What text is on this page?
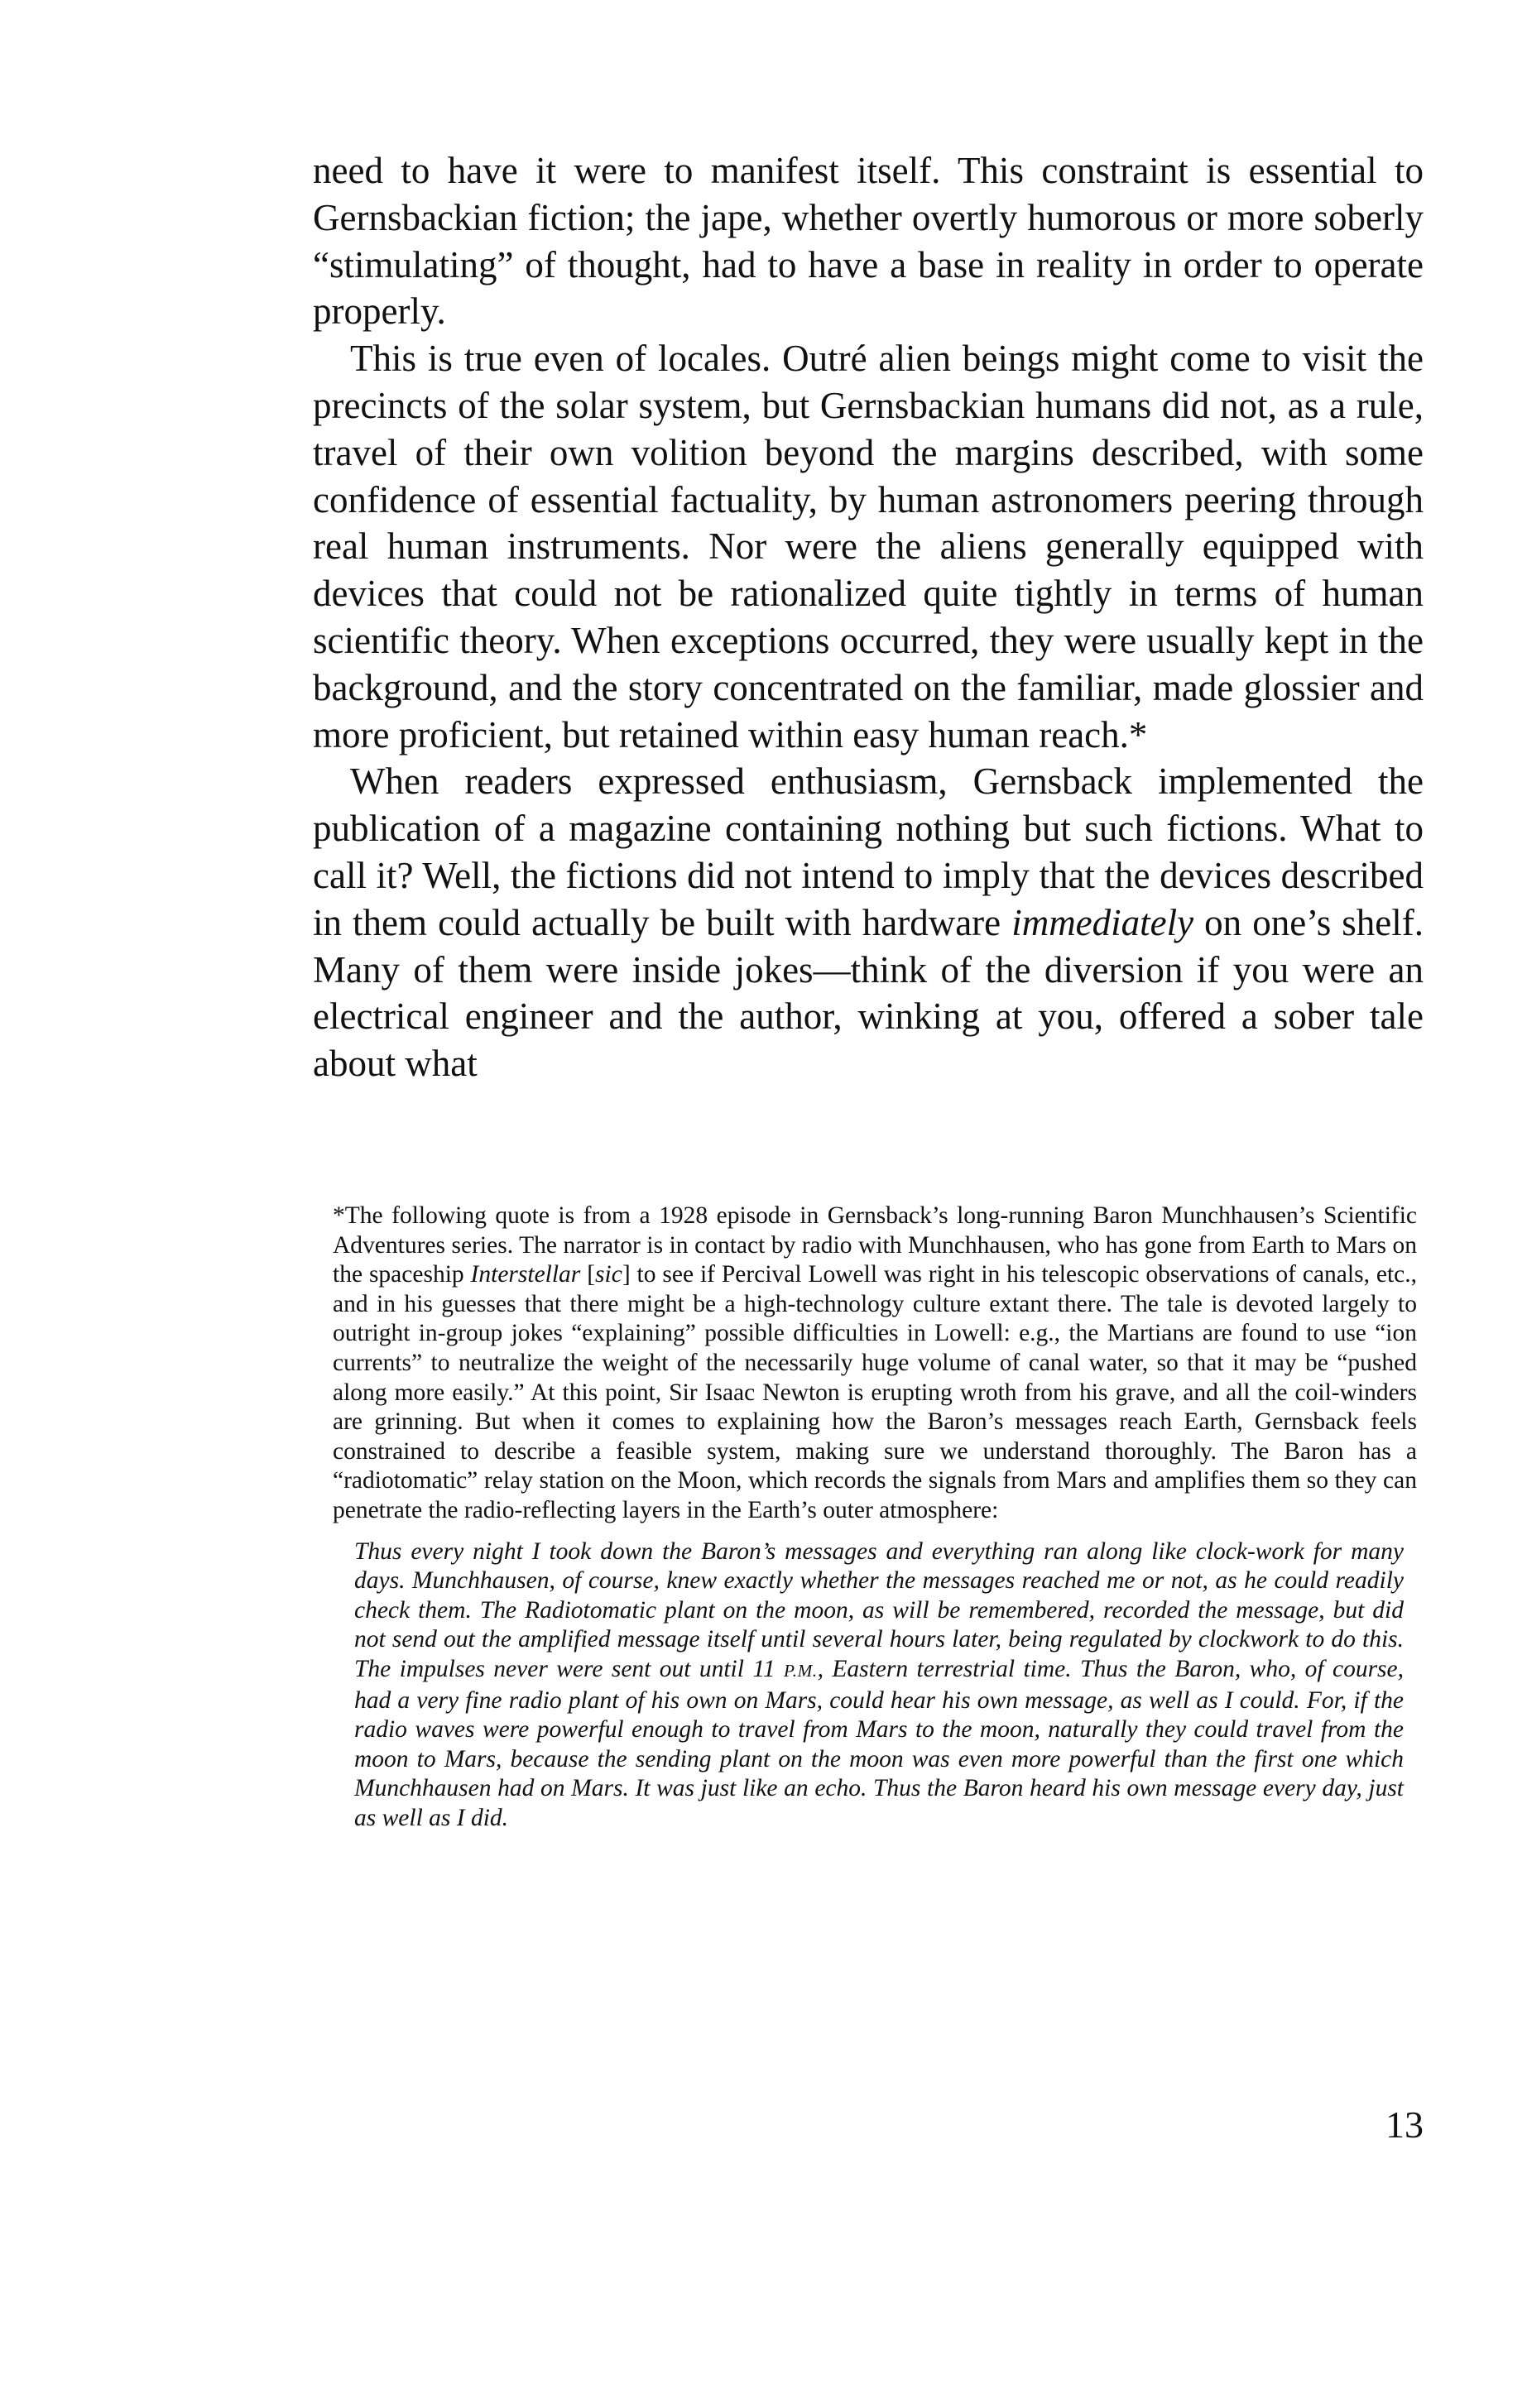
need to have it were to manifest itself. This constraint is essential to Gernsbackian fiction; the jape, whether overtly humorous or more soberly “stimulating” of thought, had to have a base in reality in order to operate properly.

This is true even of locales. Outré alien beings might come to visit the precincts of the solar system, but Gernsbackian humans did not, as a rule, travel of their own volition beyond the margins described, with some confidence of essential factuality, by human astronomers peering through real human instruments. Nor were the aliens generally equipped with devices that could not be rationalized quite tightly in terms of human scientific theory. When exceptions occurred, they were usually kept in the background, and the story concentrated on the familiar, made glossier and more proficient, but retained within easy human reach.*

When readers expressed enthusiasm, Gernsback implemented the publication of a magazine containing nothing but such fictions. What to call it? Well, the fictions did not intend to imply that the devices described in them could actually be built with hardware immediately on one’s shelf. Many of them were inside jokes—think of the diversion if you were an electrical engineer and the author, winking at you, offered a sober tale about what

*The following quote is from a 1928 episode in Gernsback’s long-running Baron Munchhausen’s Scientific Adventures series. The narrator is in contact by radio with Munchhausen, who has gone from Earth to Mars on the spaceship Interstellar [sic] to see if Percival Lowell was right in his telescopic observations of canals, etc., and in his guesses that there might be a high-technology culture extant there. The tale is devoted largely to outright in-group jokes “explaining” possible difficulties in Lowell: e.g., the Martians are found to use “ion currents” to neutralize the weight of the necessarily huge volume of canal water, so that it may be “pushed along more easily.” At this point, Sir Isaac Newton is erupting wroth from his grave, and all the coil-winders are grinning. But when it comes to explaining how the Baron’s messages reach Earth, Gernsback feels constrained to describe a feasible system, making sure we understand thoroughly. The Baron has a “radiotomatic” relay station on the Moon, which records the signals from Mars and amplifies them so they can penetrate the radio-reflecting layers in the Earth’s outer atmosphere:

Thus every night I took down the Baron’s messages and everything ran along like clock-work for many days. Munchhausen, of course, knew exactly whether the messages reached me or not, as he could readily check them. The Radiotomatic plant on the moon, as will be remembered, recorded the message, but did not send out the amplified message itself until several hours later, being regulated by clockwork to do this. The impulses never were sent out until 11 P.M., Eastern terrestrial time. Thus the Baron, who, of course, had a very fine radio plant of his own on Mars, could hear his own message, as well as I could. For, if the radio waves were powerful enough to travel from Mars to the moon, naturally they could travel from the moon to Mars, because the sending plant on the moon was even more powerful than the first one which Munchhausen had on Mars. It was just like an echo. Thus the Baron heard his own message every day, just as well as I did.

13
